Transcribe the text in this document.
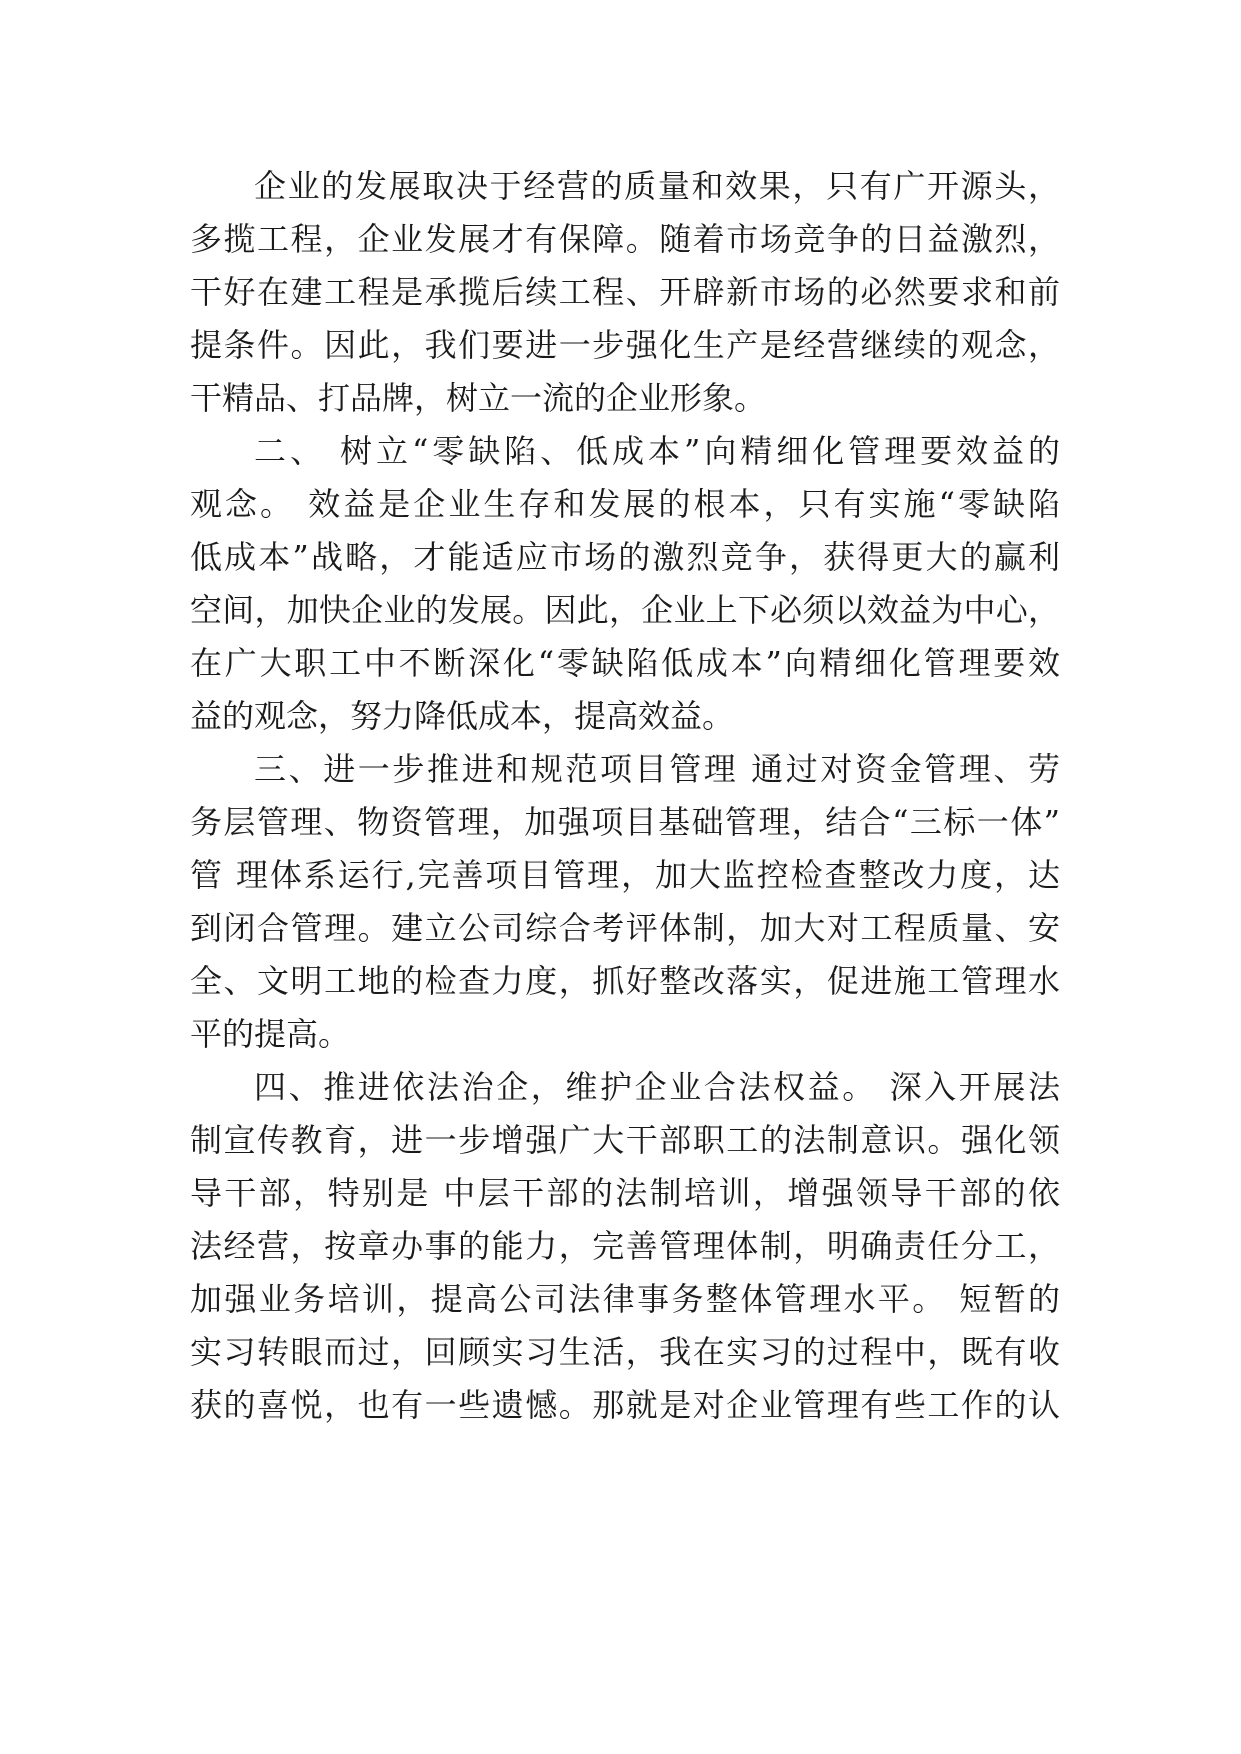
企业的发展取决于经营的质量和效果，只有广开源头，
多揽工程，企业发展才有保障。随着市场竞争的日益激烈，
干好在建工程是承揽后续工程、开辟新市场的必然要求和前
提条件。因此，我们要进一步强化生产是经营继续的观念，
干精品、打品牌，树立一流的企业形象。
二、 树立“零缺陷、低成本”向精细化管理要效益的
观念。 效益是企业生存和发展的根本，只有实施“零缺陷
低成本”战略，才能适应市场的激烈竞争，获得更大的赢利
空间，加快企业的发展。因此，企业上下必须以效益为中心，
在广大职工中不断深化“零缺陷低成本”向精细化管理要效
益的观念，努力降低成本，提高效益。
三、进一步推进和规范项目管理 通过对资金管理、劳
务层管理、物资管理，加强项目基础管理，结合“三标一体”
管 理体系运行,完善项目管理，加大监控检查整改力度，达
到闭合管理。建立公司综合考评体制，加大对工程质量、安
全、文明工地的检查力度，抓好整改落实，促进施工管理水
平的提高。
四、推进依法治企，维护企业合法权益。 深入开展法
制宣传教育，进一步增强广大干部职工的法制意识。强化领
导干部，特别是 中层干部的法制培训，增强领导干部的依
法经营，按章办事的能力，完善管理体制，明确责任分工，
加强业务培训，提高公司法律事务整体管理水平。 短暂的
实习转眼而过，回顾实习生活，我在实习的过程中，既有收
获的喜悦，也有一些遗憾。那就是对企业管理有些工作的认
